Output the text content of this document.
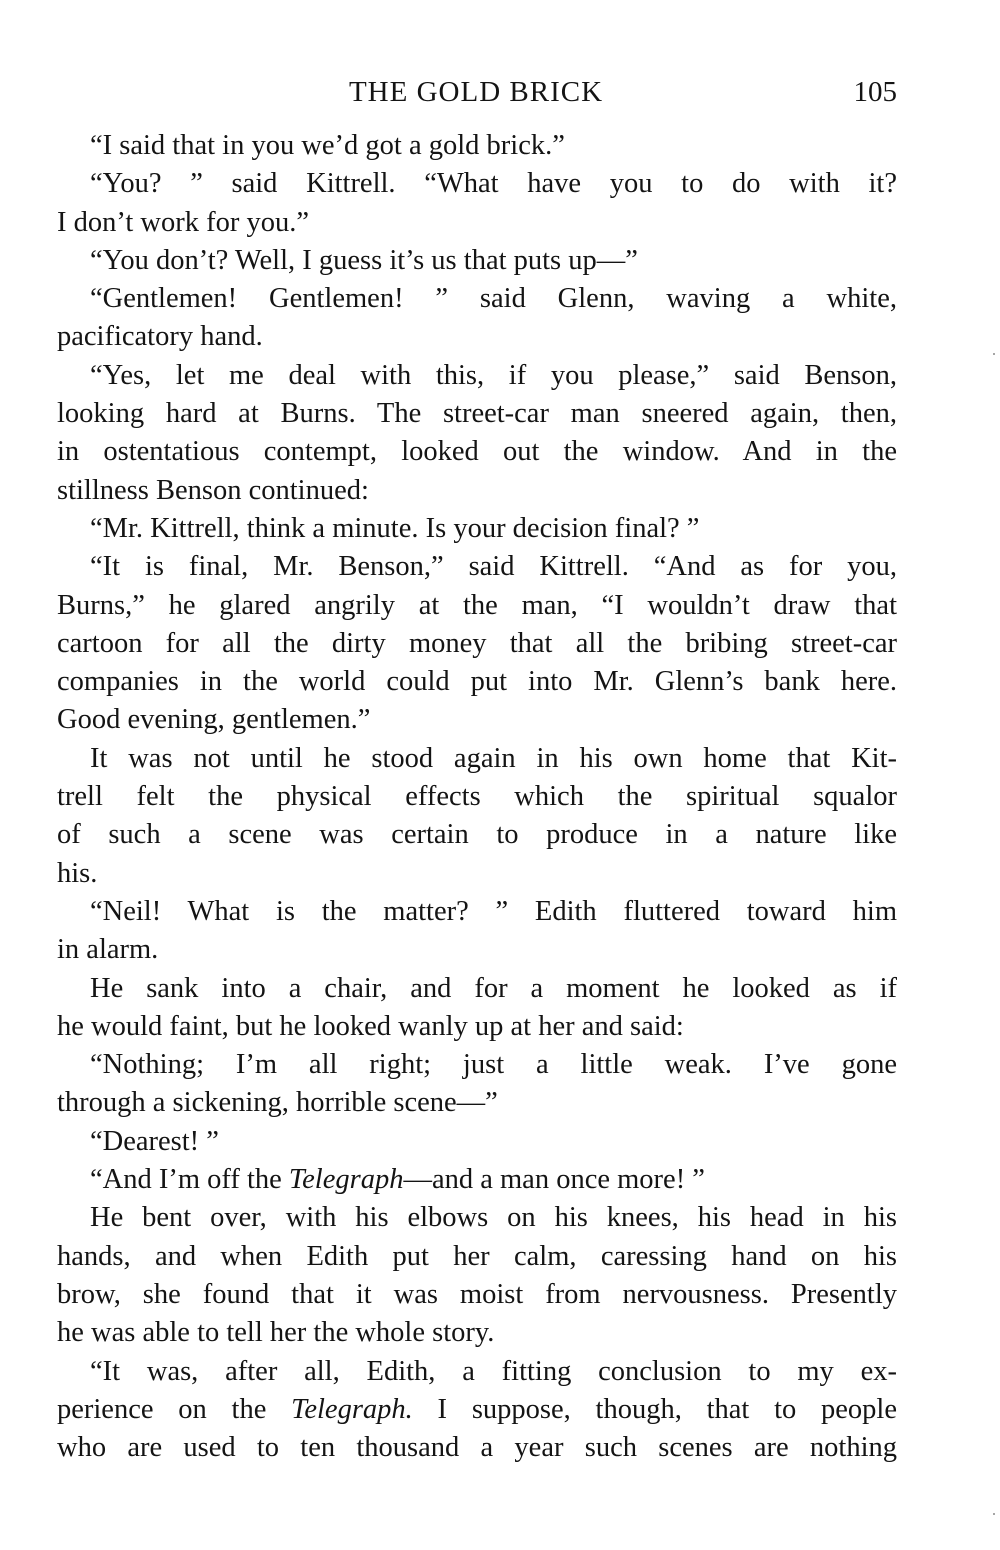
THE GOLD BRICK	105
“I said that in you we’d got a gold brick.”
“You? ” said Kittrell. “What have you to do with it?
I don’t work for you.”
“You don’t? Well, I guess it’s us that puts up—”
“Gentlemen! Gentlemen! ” said Glenn, waving a white,
pacificatory hand.
“Yes, let me deal with this, if you please,” said Benson,
looking hard at Burns. The street-car man sneered again, then,
in ostentatious contempt, looked out the window. And in the
stillness Benson continued:
“Mr. Kittrell, think a minute. Is your decision final? ”
“It is final, Mr. Benson,” said Kittrell. “And as for you,
Burns,” he glared angrily at the man, “I wouldn’t draw that
cartoon for all the dirty money that all the bribing street-car
companies in the world could put into Mr. Glenn’s bank here.
Good evening, gentlemen.”
It was not until he stood again in his own home that Kit-
trell felt the physical effects which the spiritual squalor
of such a scene was certain to produce in a nature like
his.
“Neil! What is the matter? ” Edith fluttered toward him
in alarm.
He sank into a chair, and for a moment he looked as if
he would faint, but he looked wanly up at her and said:
“Nothing; I’m all right; just a little weak. I’ve gone
through a sickening, horrible scene—”
“Dearest! ”
“And I’m off the Telegraph—and a man once more! ”
He bent over, with his elbows on his knees, his head in his
hands, and when Edith put her calm, caressing hand on his
brow, she found that it was moist from nervousness. Presently
he was able to tell her the whole story.
“It was, after all, Edith, a fitting conclusion to my ex-
perience on the Telegraph. I suppose, though, that to people
who are used to ten thousand a year such scenes are nothing
